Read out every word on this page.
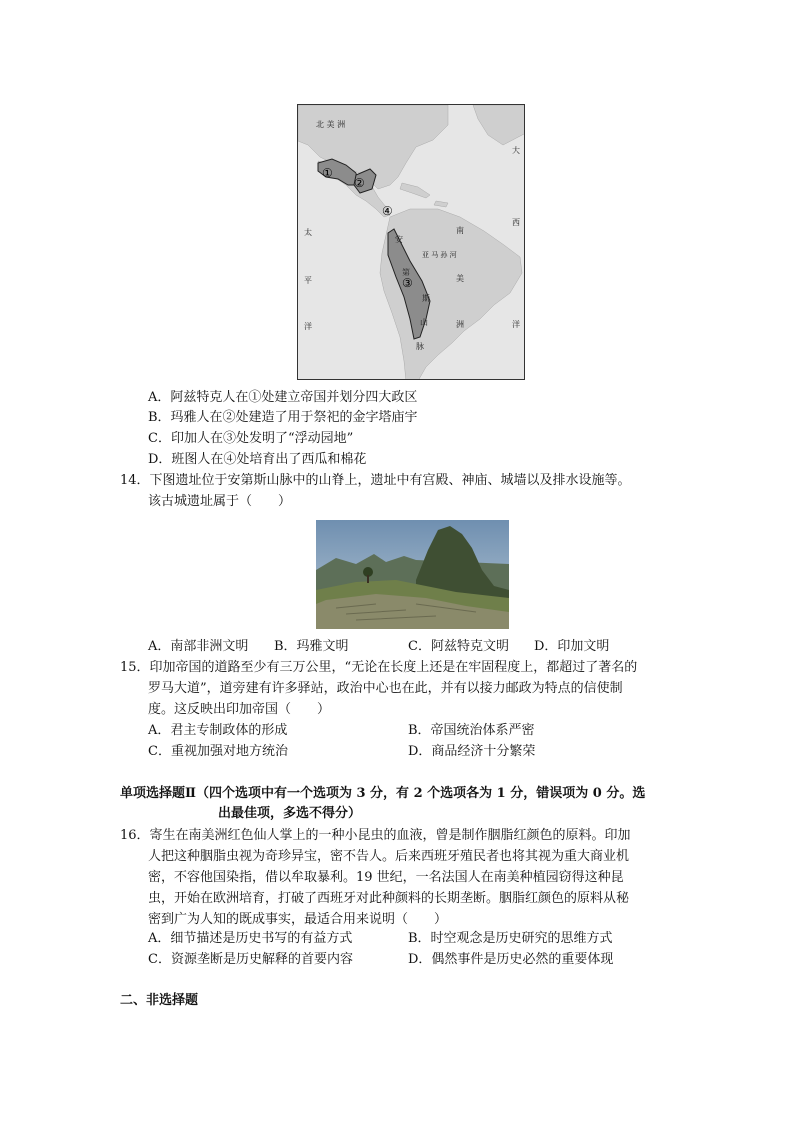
北 美 洲
大
西
洋
太
平
洋
南
美
洲
亚 马 孙 河
安
第
斯
山
脉
①
②
③
④
A．阿兹特克人在①处建立帝国并划分四大政区
B．玛雅人在②处建造了用于祭祀的金字塔庙宇
C．印加人在③处发明了“浮动园地”
D．班图人在④处培育出了西瓜和棉花
14．下图遗址位于安第斯山脉中的山脊上，遗址中有宫殿、神庙、城墙以及排水设施等。
该古城遗址属于（　　）
A．南部非洲文明 B．玛雅文明	C．阿兹特克文明 D．印加文明
15．印加帝国的道路至少有三万公里，“无论在长度上还是在牢固程度上，都超过了著名的
罗马大道”，道旁建有许多驿站，政治中心也在此，并有以接力邮政为特点的信使制
度。这反映出印加帝国（　　）
A．君主专制政体的形成	B．帝国统治体系严密
C．重视加强对地方统治	D．商品经济十分繁荣
单项选择题Ⅱ（四个选项中有一个选项为 3 分，有 2 个选项各为 1 分，错误项为 0 分。选
出最佳项，多选不得分）
16．寄生在南美洲红色仙人掌上的一种小昆虫的血液，曾是制作胭脂红颜色的原料。印加
人把这种胭脂虫视为奇珍异宝，密不告人。后来西班牙殖民者也将其视为重大商业机
密，不容他国染指，借以牟取暴利。19 世纪，一名法国人在南美种植园窃得这种昆
虫，开始在欧洲培育，打破了西班牙对此种颜料的长期垄断。胭脂红颜色的原料从秘
密到广为人知的既成事实，最适合用来说明（　　）
A．细节描述是历史书写的有益方式	B．时空观念是历史研究的思维方式
C．资源垄断是历史解释的首要内容	D．偶然事件是历史必然的重要体现
二、非选择题
